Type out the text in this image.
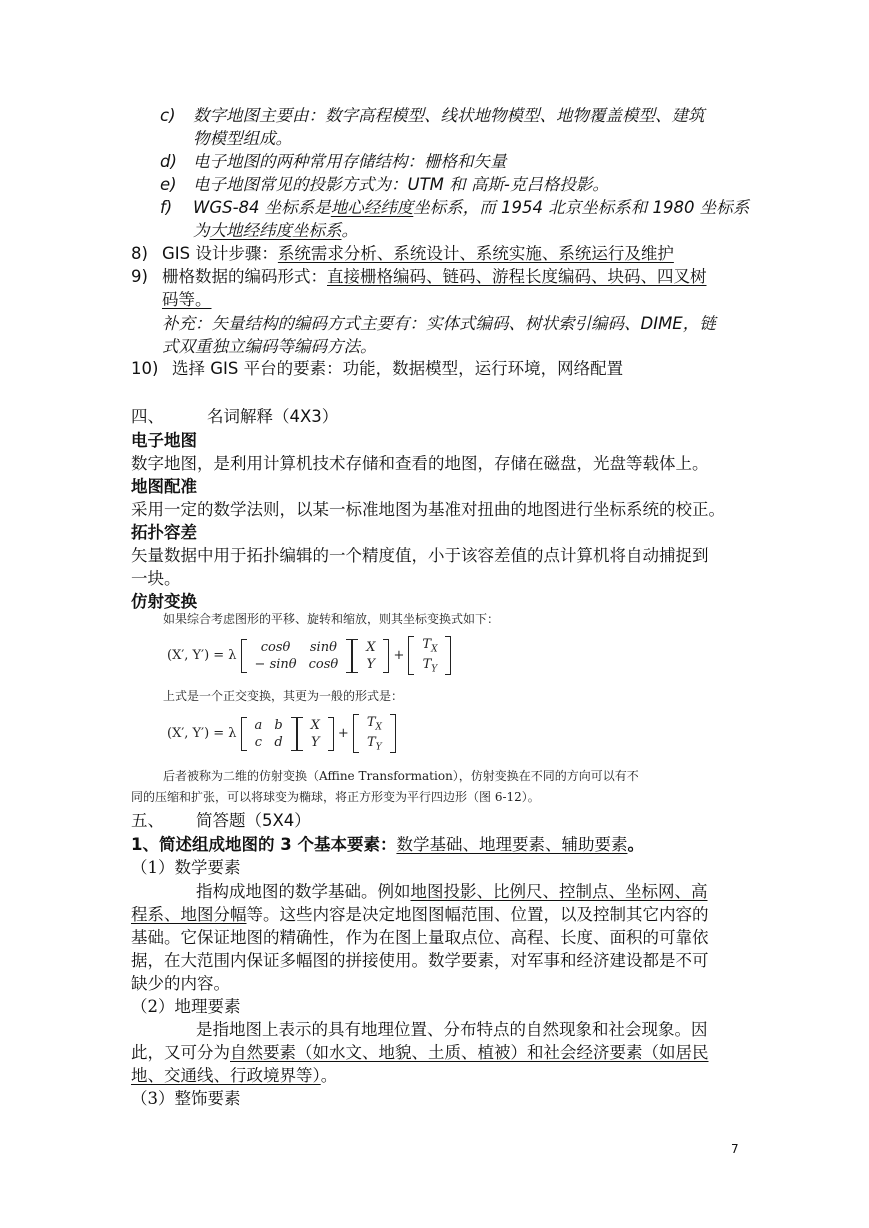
c) 数字地图主要由：数字高程模型、线状地物模型、地物覆盖模型、建筑
物模型组成。
d) 电子地图的两种常用存储结构：栅格和矢量
e) 电子地图常见的投影方式为：UTM 和 高斯-克吕格投影。
f) WGS-84 坐标系是地心经纬度坐标系，而 1954 北京坐标系和 1980 坐标系
为大地经纬度坐标系。
8) GIS 设计步骤：系统需求分析、系统设计、系统实施、系统运行及维护
9) 栅格数据的编码形式：直接栅格编码、链码、游程长度编码、块码、四叉树
码等。
补充：矢量结构的编码方式主要有：实体式编码、树状索引编码、DIME，链
式双重独立编码等编码方法。
10) 选择 GIS 平台的要素：功能，数据模型，运行环境，网络配置
四、	名词解释（4X3）
电子地图
数字地图，是利用计算机技术存储和查看的地图，存储在磁盘，光盘等载体上。
地图配准
采用一定的数学法则，以某一标准地图为基准对扭曲的地图进行坐标系统的校正。
拓扑容差
矢量数据中用于拓扑编辑的一个精度值，小于该容差值的点计算机将自动捕捉到
一块。
仿射变换
如果综合考虑图形的平移、旋转和缩放，则其坐标变换式如下：
(X′, Y′) = λ
cosθ	sinθ
− sinθ	cosθ
X
Y
+
$T_X$
$T_Y$
上式是一个正交变换，其更为一般的形式是：
(X′, Y′) = λ
a	b
c	d
X
Y
+
$T_X$
$T_Y$
后者被称为二维的仿射变换（Affine Transformation），仿射变换在不同的方向可以有不
同的压缩和扩张，可以将球变为椭球，将正方形变为平行四边形（图 6-12）。
五、 简答题（5X4）
1、简述组成地图的 3 个基本要素：数学基础、地理要素、辅助要素。
（1）数学要素
指构成地图的数学基础。例如地图投影、比例尺、控制点、坐标网、高
程系、地图分幅等。这些内容是决定地图图幅范围、位置，以及控制其它内容的
基础。它保证地图的精确性，作为在图上量取点位、高程、长度、面积的可靠依
据，在大范围内保证多幅图的拼接使用。数学要素，对军事和经济建设都是不可
缺少的内容。
（2）地理要素
是指地图上表示的具有地理位置、分布特点的自然现象和社会现象。因
此，又可分为自然要素（如水文、地貌、土质、植被）和社会经济要素（如居民
地、交通线、行政境界等）。
（3）整饰要素
7
